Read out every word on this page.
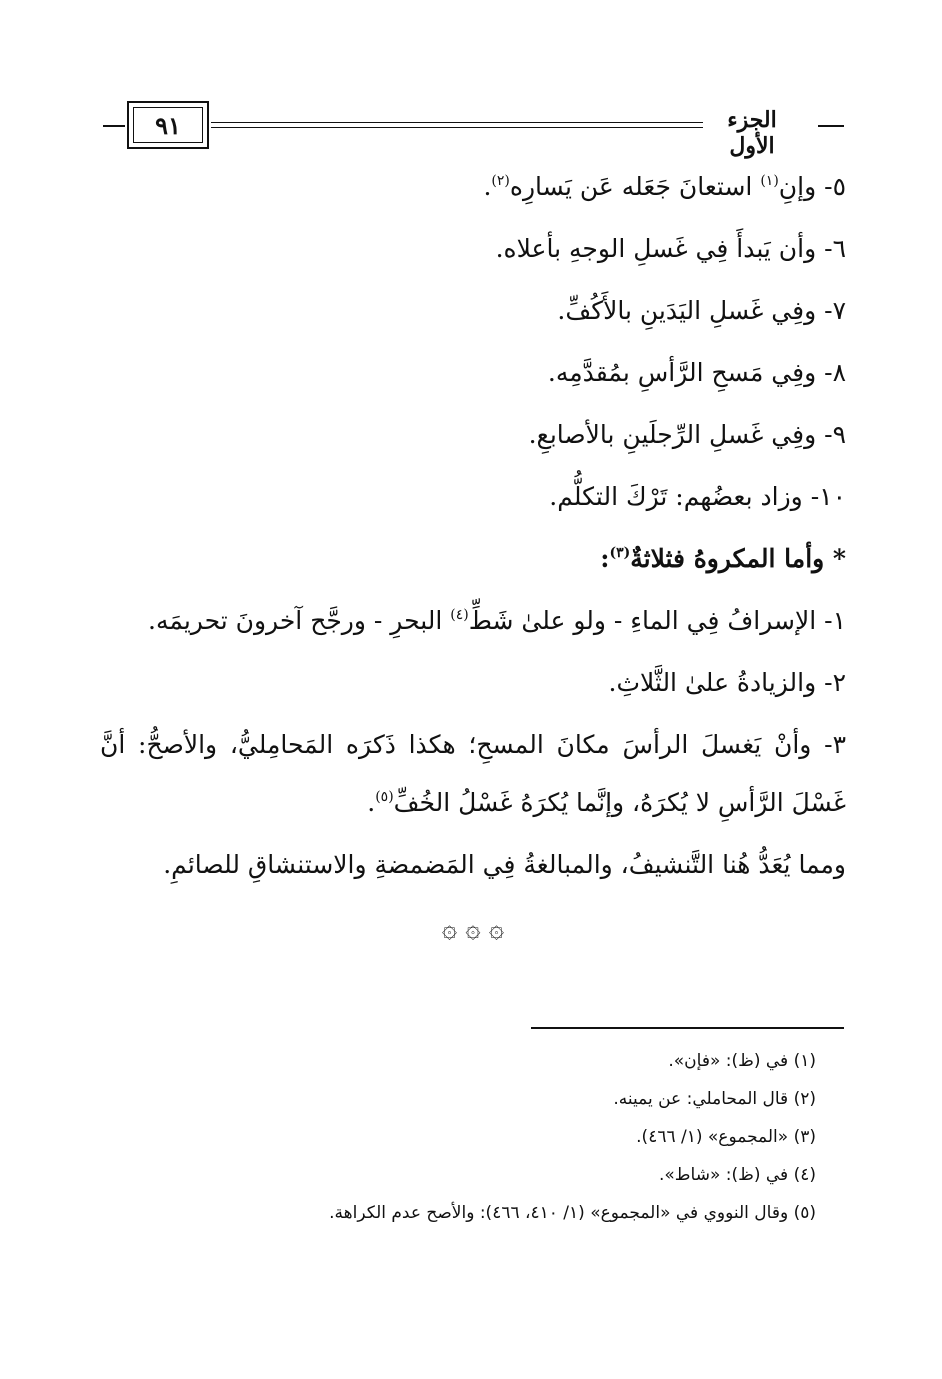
٩١	الجزء الأول
٥- وإنِ$^{(١)}$ استعانَ جَعَله عَن يَسارِه$^{(٢)}$.
٦- وأن يَبدأَ فِي غَسلِ الوجهِ بأعلاه.
٧- وفِي غَسلِ اليَدَينِ بالأَكُفِّ.
٨- وفِي مَسحِ الرَّأسِ بمُقدَّمِه.
٩- وفِي غَسلِ الرِّجلَينِ بالأصابعِ.
١٠- وزاد بعضُهم: تَرْكَ التكلُّم.
* وأما المكروهُ فثلاثةٌ$^{(٣)}$:
١- الإسرافُ فِي الماءِ - ولو علىٰ شَطِّ$^{(٤)}$ البحرِ - ورجَّح آخرونَ تحريمَه.
٢- والزيادةُ علىٰ الثَّلاثِ.
٣- وأنْ يَغسلَ الرأسَ مكانَ المسحِ؛ هكذا ذَكرَه المَحامِليُّ، والأصحُّ: أنَّ غَسْلَ الرَّأسِ لا يُكرَهُ، وإنَّما يُكرَهُ غَسْلُ الخُفِّ$^{(٥)}$.
ومما يُعَدُّ هُنا التَّنشيفُ، والمبالغةُ فِي المَضمضةِ والاستنشاقِ للصائمِ.
۞ ۞ ۞
(١) في (ظ): «فإن».
(٢) قال المحاملي: عن يمينه.
(٣) «المجموع» (١/ ٤٦٦).
(٤) في (ظ): «شاط».
(٥) وقال النووي في «المجموع» (١/ ٤١٠، ٤٦٦): والأصح عدم الكراهة.
